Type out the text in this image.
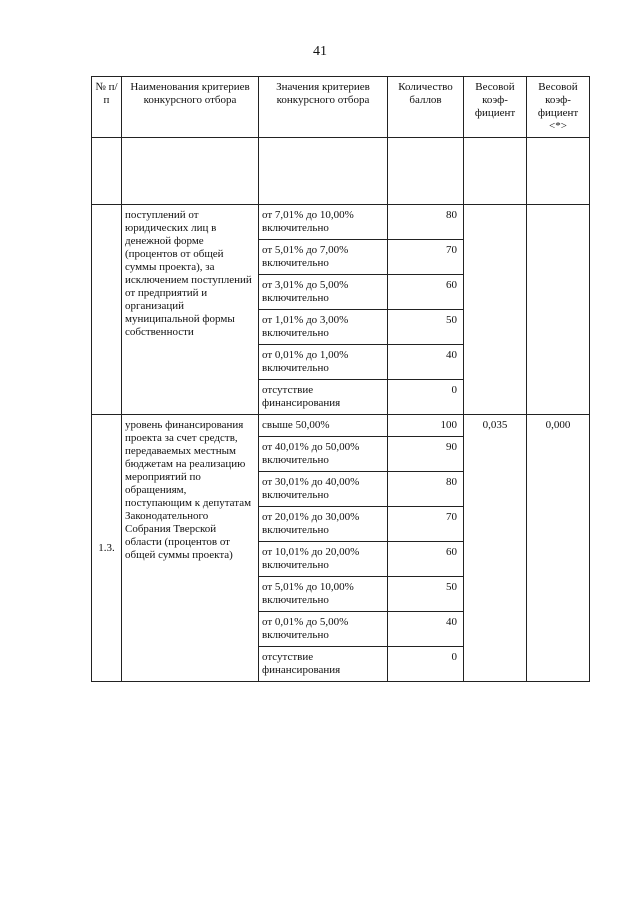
41
№ п/п	Наименования критериев конкурсного отбора	Значения критериев конкурсного отбора	Количество баллов	Весовой коэф-фициент	Весовой коэф-фициент <*>

	поступлений от юридических лиц в денежной форме (процентов от общей суммы проекта), за исключением поступлений от предприятий и организаций муниципальной формы собственности	от 7,01% до 10,00% включительно	80		
		от 5,01% до 7,00% включительно	70		
		от 3,01% до 5,00% включительно	60		
		от 1,01% до 3,00% включительно	50		
		от 0,01% до 1,00% включительно	40		
		отсутствие финансирования	0		
1.3.	уровень финансирования проекта за счет средств, передаваемых местным бюджетам на реализацию мероприятий по обращениям, поступающим к депутатам Законодательного Собрания Тверской области (процентов от общей суммы проекта)	свыше 50,00%	100	0,035	0,000
		от 40,01% до 50,00% включительно	90		
		от 30,01% до 40,00% включительно	80		
		от 20,01% до 30,00% включительно	70		
		от 10,01% до 20,00% включительно	60		
		от 5,01% до 10,00% включительно	50		
		от 0,01% до 5,00% включительно	40		
		отсутствие финансирования	0		
